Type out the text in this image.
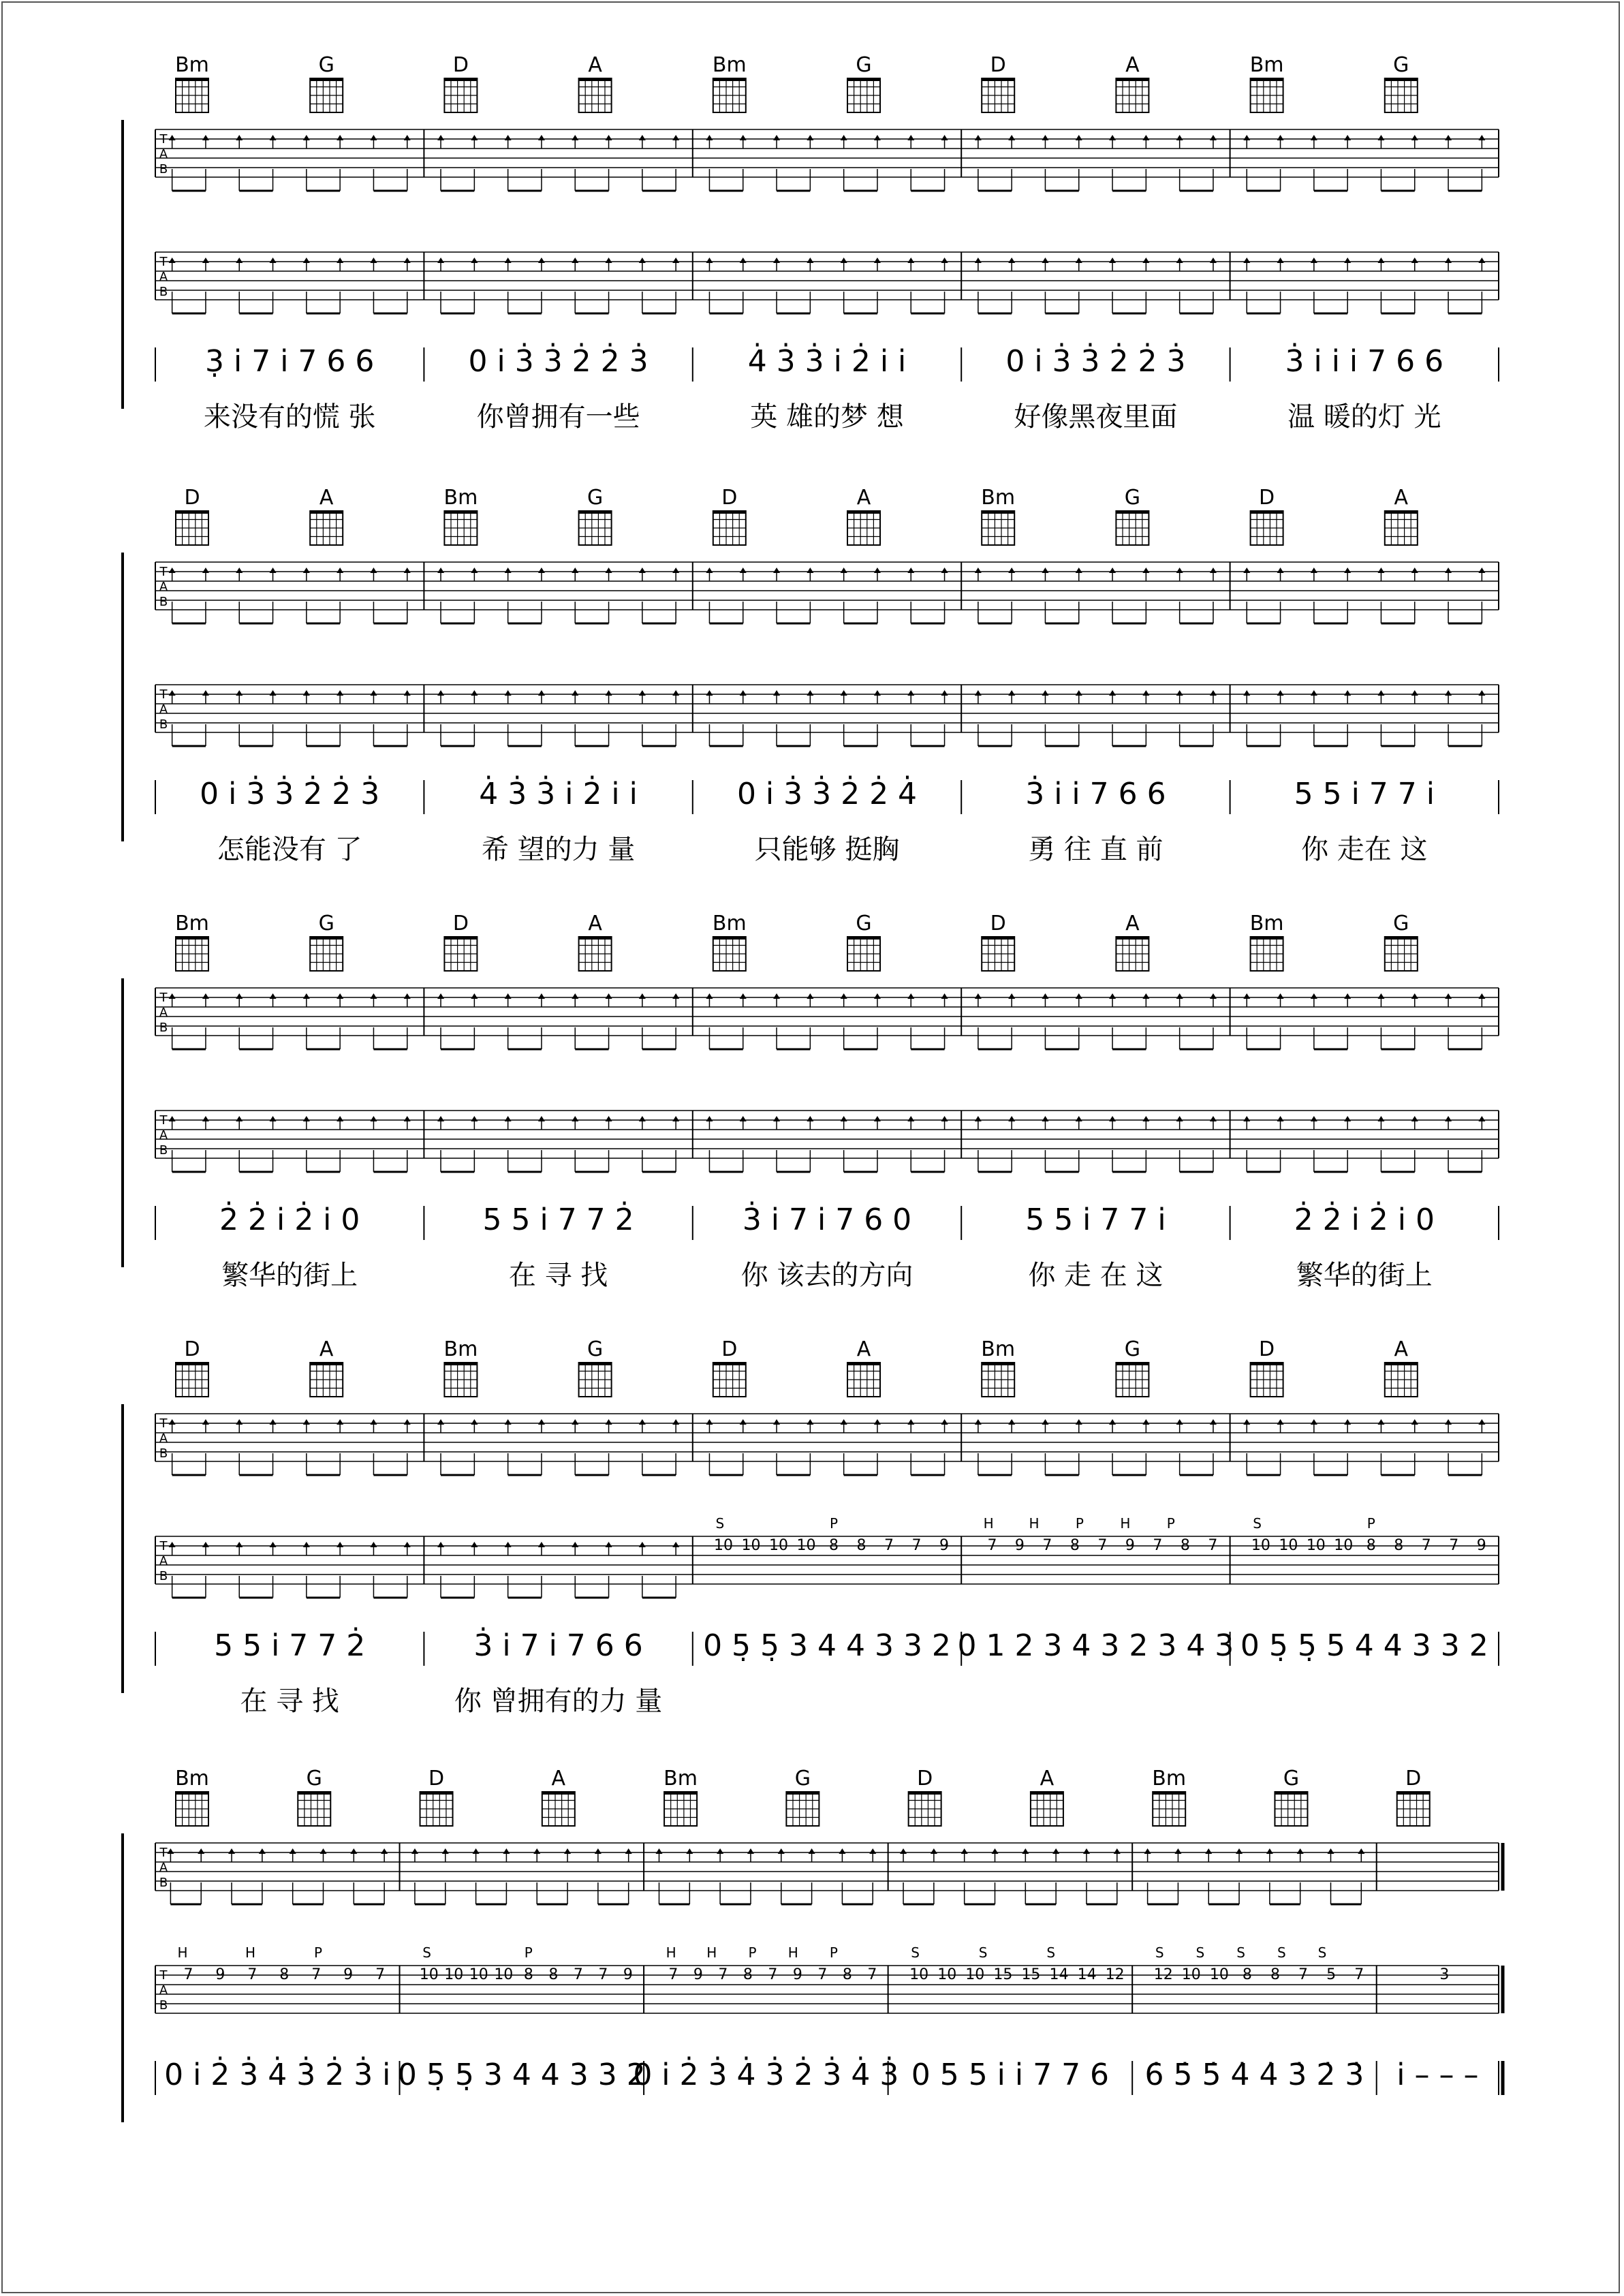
T
A
B
T
A
B
Bm	G
3̣ i̇ 7 i̇ 7 6 6
来没有的慌 张
D	A
0 i̇ 3̇ 3̇ 2̇ 2̇ 3̇
你曾拥有一些
Bm	G
4̇ 3̇ 3̇ i̇ 2̇ i̇ i̇
英 雄的梦 想
D	A
0 i̇ 3̇ 3̇ 2̇ 2̇ 3̇
好像黑夜里面
Bm	G
3̇ i̇ i̇ i̇ 7 6 6
温 暖的灯 光
T
A
B
T
A
B
D	A
0 i̇ 3̇ 3̇ 2̇ 2̇ 3̇
怎能没有 了
Bm	G
4̇ 3̇ 3̇ i̇ 2̇ i̇ i̇
希 望的力 量
D	A
0 i̇ 3̇ 3̇ 2̇ 2̇ 4̇
只能够 挺胸
Bm	G
3̇ i̇ i̇ 7 6 6
勇 往 直 前
D	A
5 5 i̇ 7 7 i̇
你 走在 这
T
A
B
T
A
B
Bm	G
2̇ 2̇ i̇ 2̇ i̇ 0
繁华的街上
D	A
5 5 i̇ 7 7 2̇
在 寻 找
Bm	G
3̇ i̇ 7 i̇ 7 6 0
你 该去的方向
D	A
5 5 i̇ 7 7 i̇
你 走 在 这
Bm	G
2̇ 2̇ i̇ 2̇ i̇ 0
繁华的街上
T
A
B
T
A
B
D	A
5 5 i̇ 7 7 2̇
在 寻 找
Bm	G
3̇ i̇ 7 i̇ 7 6 6
你 曾拥有的力 量
D	A
10 10 10 10 8 8 7 7 9
S	P
0 5̣ 5̣ 3 4 4 3 3 2
Bm	G
7 9 7 8 7 9 7 8 7
H	H	P	H	P
0 1 2 3 4 3 2 3 4 3
D	A
10 10 10 10 8 8 7 7 9
S	P
0 5̣ 5̣ 5 4 4 3 3 2
T
A
B
T
A
B
Bm	G
7 9 7 8 7 9 7
H	H	P
0 i̇ 2̇ 3̇ 4̇ 3̇ 2̇ 3̇ i̇
D	A
10 10 10 10 8 8 7 7 9
S	P
0 5̣ 5̣ 3 4 4 3 3 2
Bm	G
7 9 7 8 7 9 7 8 7
H H P H P
0 i̇ 2̇ 3̇ 4̇ 3̇ 2̇ 3̇ 4̇ 3̇
D	A
10 10 10 15 15 14 14 12
S	S	S
0 5 5 i̇ i̇ 7 7 6
Bm	G
12 10 10 8 8 7 5 7
S S S S S
6̇ 5̇ 5̇ 4̇ 4̇ 3̇ 2̇ 3̇
D
3
i̇ – – –
